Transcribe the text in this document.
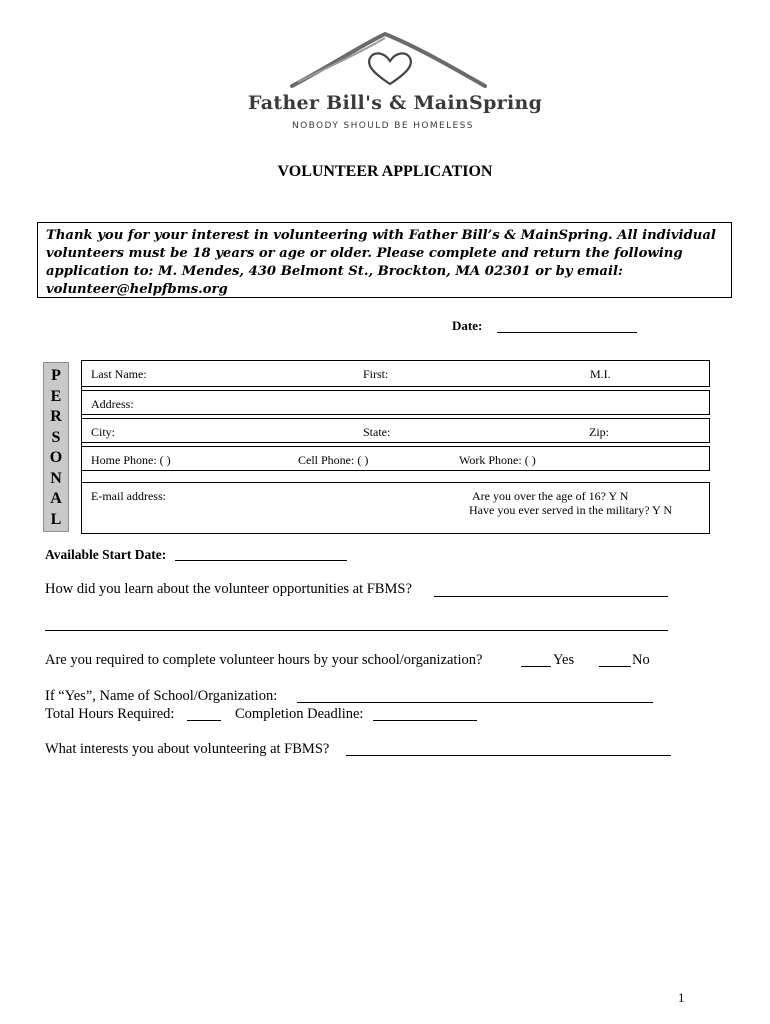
Father Bill's & MainSpring
NOBODY SHOULD BE HOMELESS
VOLUNTEER APPLICATION
Thank you for your interest in volunteering with Father Bill’s & MainSpring. All individual volunteers must be 18 years or age or older. Please complete and return the following application to: M. Mendes, 430 Belmont St., Brockton, MA 02301 or by email: volunteer@helpfbms.org
Date:
P
E
R
S
O
N
A
L
Last Name:	First:	M.I.
Address:
City:	State:	Zip:
Home Phone: ( )	Cell Phone: ( )	Work Phone: ( )
E-mail address:	Are you over the age of 16? Y N
Have you ever served in the military? Y N
Available Start Date:
How did you learn about the volunteer opportunities at FBMS?
Are you required to complete volunteer hours by your school/organization?	Yes	No
If “Yes”, Name of School/Organization:
Total Hours Required:	Completion Deadline:
What interests you about volunteering at FBMS?
1
